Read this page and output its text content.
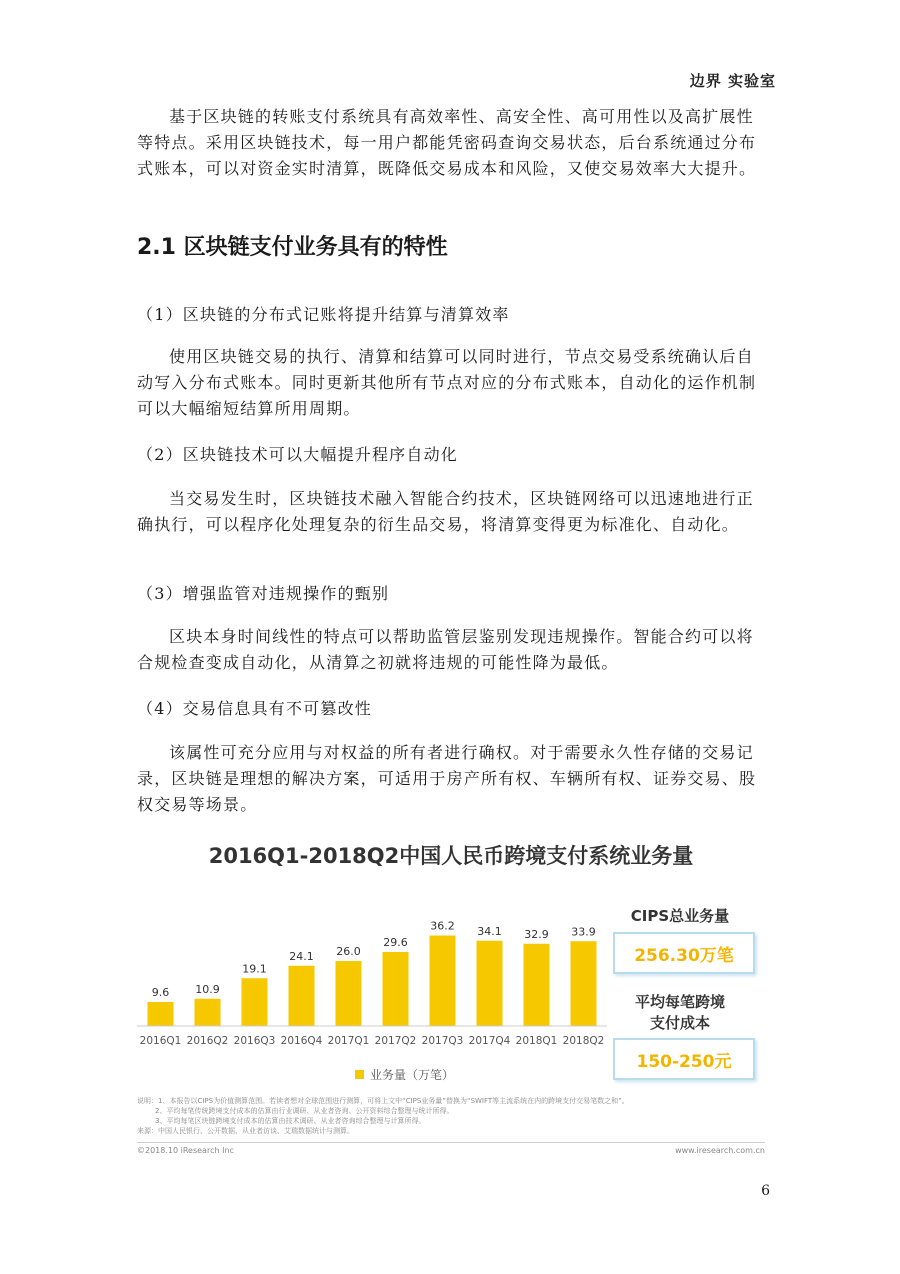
边界 实验室

基于区块链的转账支付系统具有高效率性、高安全性、高可用性以及高扩展性等特点。采用区块链技术，每一用户都能凭密码查询交易状态，后台系统通过分布式账本，可以对资金实时清算，既降低交易成本和风险，又使交易效率大大提升。

2.1 区块链支付业务具有的特性
（1）区块链的分布式记账将提升结算与清算效率

使用区块链交易的执行、清算和结算可以同时进行，节点交易受系统确认后自动写入分布式账本。同时更新其他所有节点对应的分布式账本，自动化的运作机制可以大幅缩短结算所用周期。

（2）区块链技术可以大幅提升程序自动化

当交易发生时，区块链技术融入智能合约技术，区块链网络可以迅速地进行正确执行，可以程序化处理复杂的衍生品交易，将清算变得更为标准化、自动化。

（3）增强监管对违规操作的甄别

区块本身时间线性的特点可以帮助监管层鉴别发现违规操作。智能合约可以将合规检查变成自动化，从清算之初就将违规的可能性降为最低。

（4）交易信息具有不可篡改性

该属性可充分应用与对权益的所有者进行确权。对于需要永久性存储的交易记录，区块链是理想的解决方案，可适用于房产所有权、车辆所有权、证券交易、股权交易等场景。

2016Q1-2018Q2中国人民币跨境支付系统业务量
9.6
2016Q1
10.9
2016Q2
19.1
2016Q3
24.1
2016Q4
26.0
2017Q1
29.6
2017Q2
36.2
2017Q3
34.1
2017Q4
32.9
2018Q1
33.9
2018Q2
CIPS总业务量
256.30万笔
平均每笔跨境
支付成本
150-250元
业务量（万笔）
说明：1、本报告以CIPS为价值测算范围。若读者想对全球范围进行测算，可将上文中“CIPS业务量”替换为“SWIFT等主流系统在内的跨境支付交易笔数之和”。
2、平均每笔传统跨境支付成本的估算由行业调研、从业者咨询、公开资料综合整理与统计所得。
3、平均每笔区块链跨境支付成本的估算由技术调研、从业者咨询综合整理与计算所得。
来源：中国人民银行、公开数据、从业者访谈、艾瑞数据统计与测算。
©2018.10 iResearch Inc	www.iresearch.com.cn
6
